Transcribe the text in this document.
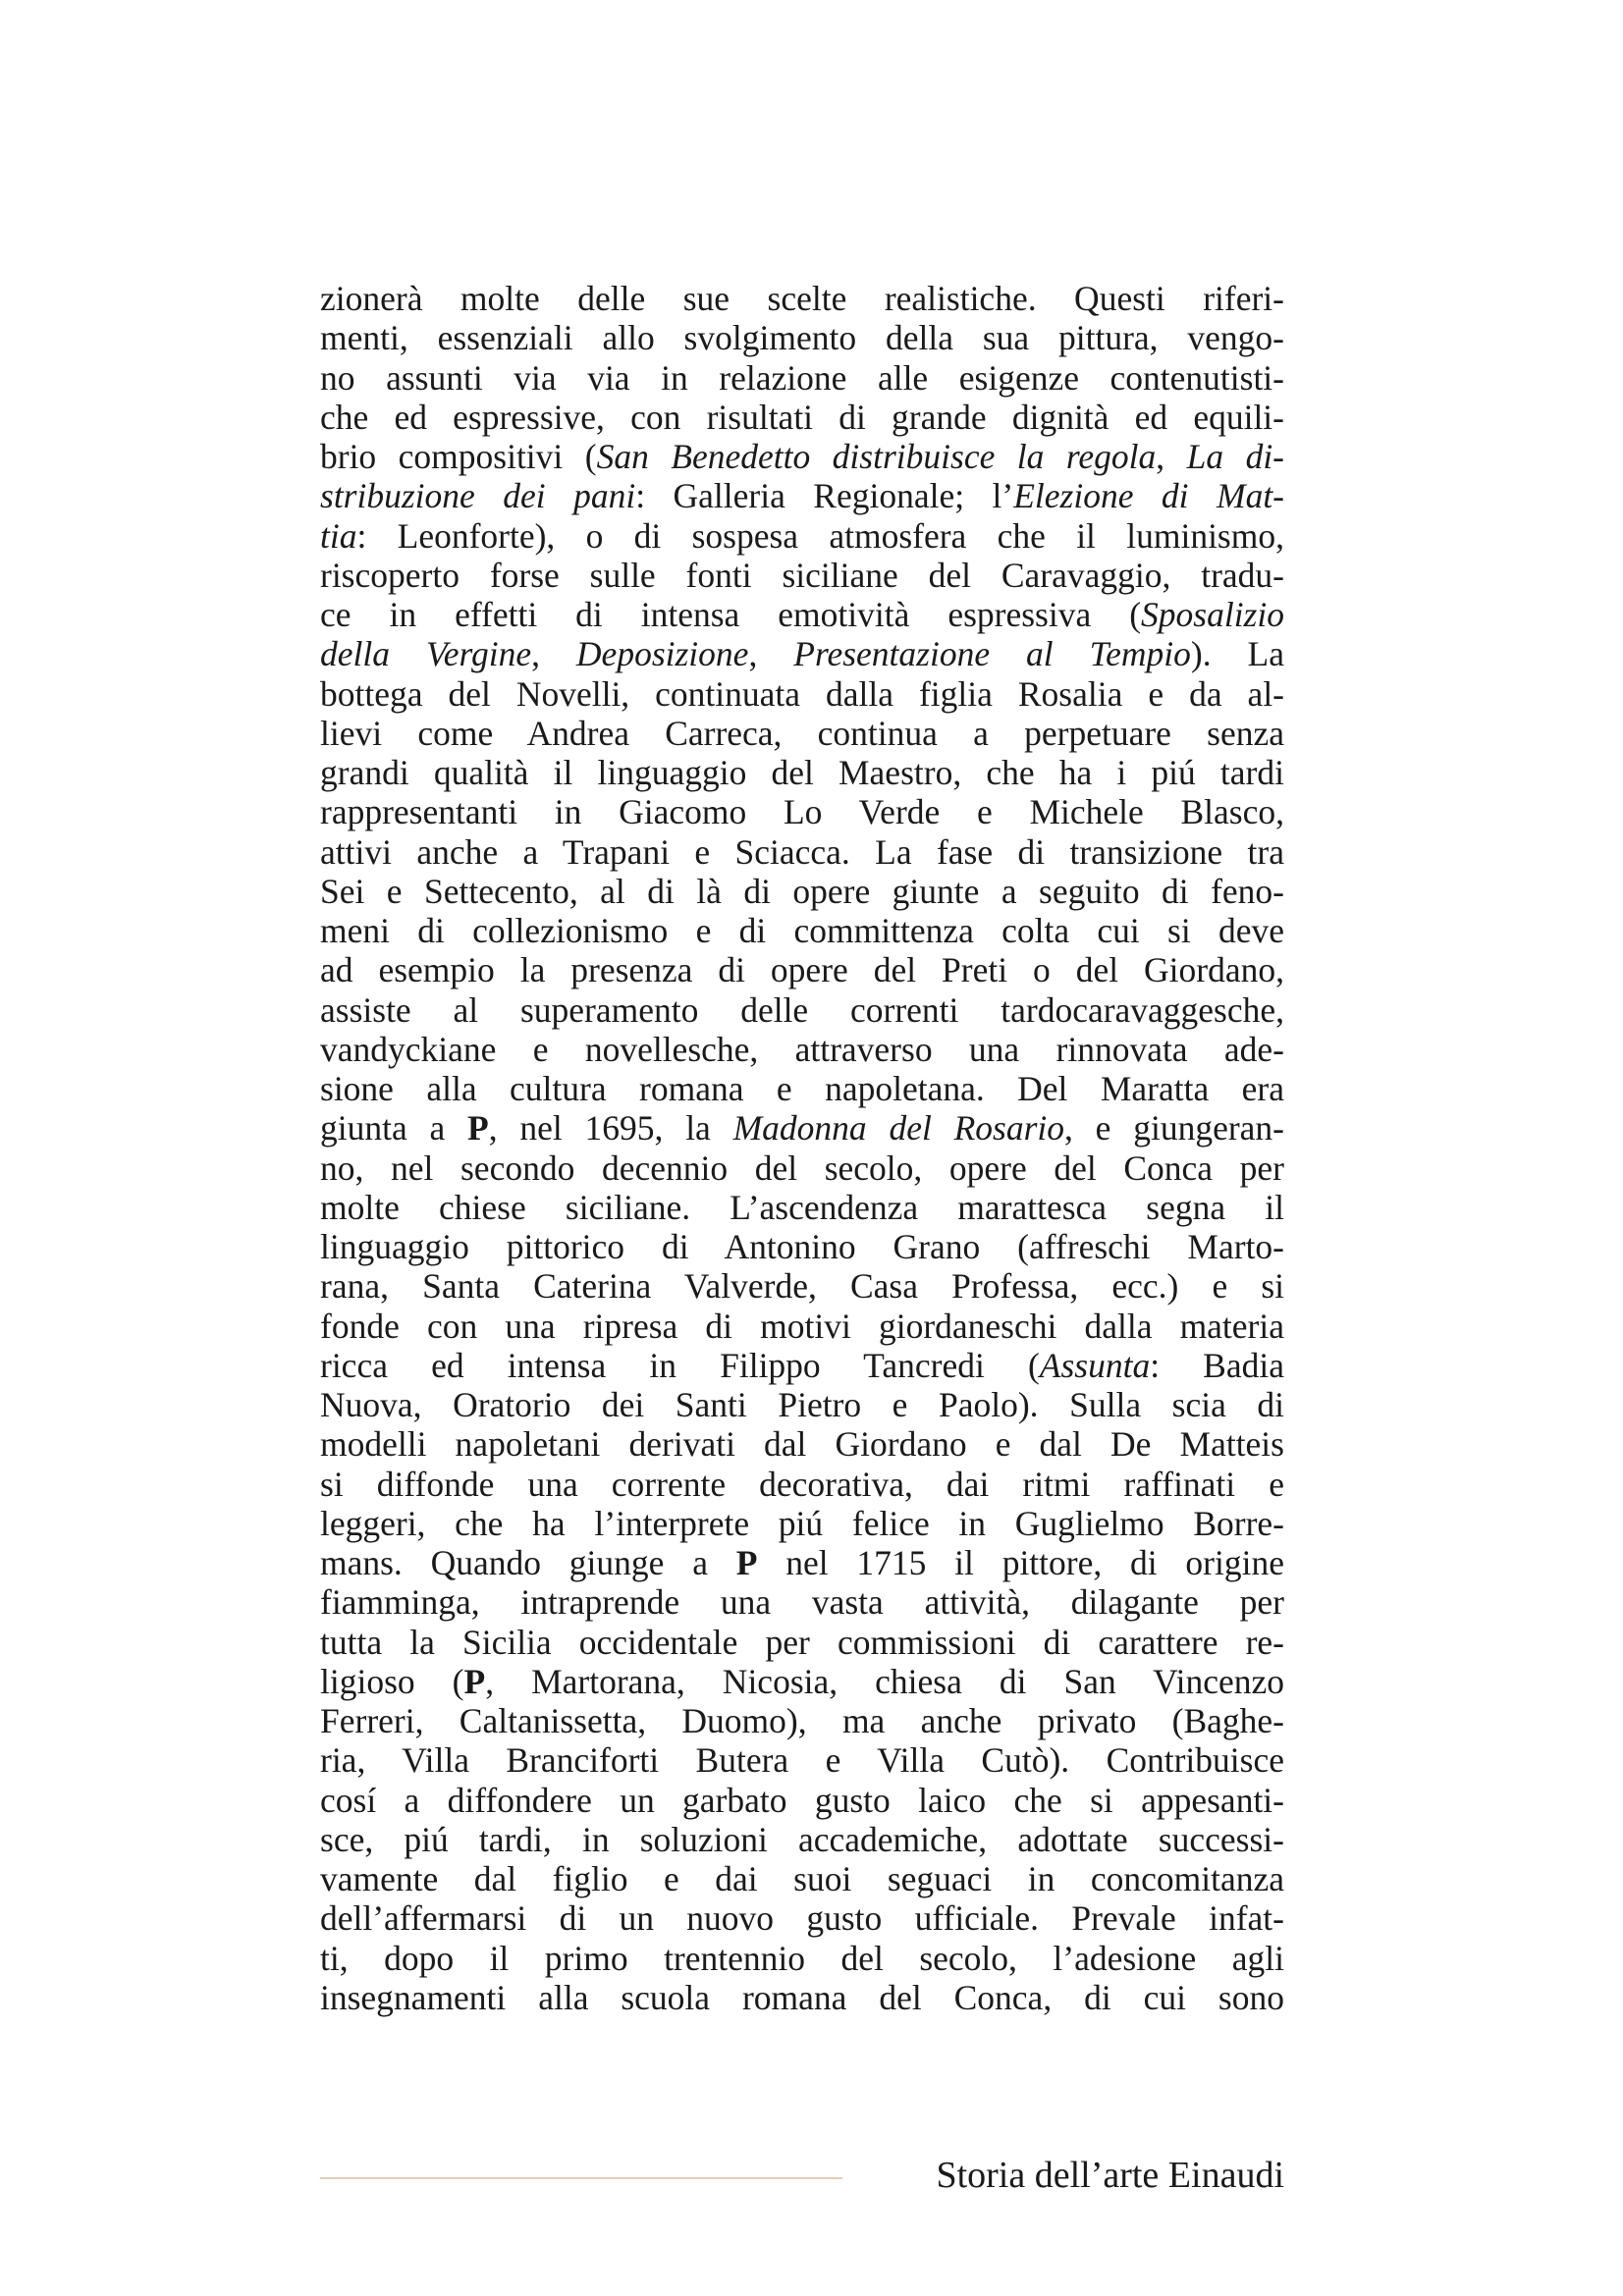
zionerà molte delle sue scelte realistiche. Questi riferi-
menti, essenziali allo svolgimento della sua pittura, vengo-
no assunti via via in relazione alle esigenze contenutisti-
che ed espressive, con risultati di grande dignità ed equili-
brio compositivi (San Benedetto distribuisce la regola, La di-
stribuzione dei pani: Galleria Regionale; l’Elezione di Mat-
tia: Leonforte), o di sospesa atmosfera che il luminismo,
riscoperto forse sulle fonti siciliane del Caravaggio, tradu-
ce in effetti di intensa emotività espressiva (Sposalizio
della Vergine, Deposizione, Presentazione al Tempio). La
bottega del Novelli, continuata dalla figlia Rosalia e da al-
lievi come Andrea Carreca, continua a perpetuare senza
grandi qualità il linguaggio del Maestro, che ha i piú tardi
rappresentanti in Giacomo Lo Verde e Michele Blasco,
attivi anche a Trapani e Sciacca. La fase di transizione tra
Sei e Settecento, al di là di opere giunte a seguito di feno-
meni di collezionismo e di committenza colta cui si deve
ad esempio la presenza di opere del Preti o del Giordano,
assiste al superamento delle correnti tardocaravaggesche,
vandyckiane e novellesche, attraverso una rinnovata ade-
sione alla cultura romana e napoletana. Del Maratta era
giunta a P, nel 1695, la Madonna del Rosario, e giungeran-
no, nel secondo decennio del secolo, opere del Conca per
molte chiese siciliane. L’ascendenza marattesca segna il
linguaggio pittorico di Antonino Grano (affreschi Marto-
rana, Santa Caterina Valverde, Casa Professa, ecc.) e si
fonde con una ripresa di motivi giordaneschi dalla materia
ricca ed intensa in Filippo Tancredi (Assunta: Badia
Nuova, Oratorio dei Santi Pietro e Paolo). Sulla scia di
modelli napoletani derivati dal Giordano e dal De Matteis
si diffonde una corrente decorativa, dai ritmi raffinati e
leggeri, che ha l’interprete piú felice in Guglielmo Borre-
mans. Quando giunge a P nel 1715 il pittore, di origine
fiamminga, intraprende una vasta attività, dilagante per
tutta la Sicilia occidentale per commissioni di carattere re-
ligioso (P, Martorana, Nicosia, chiesa di San Vincenzo
Ferreri, Caltanissetta, Duomo), ma anche privato (Baghe-
ria, Villa Branciforti Butera e Villa Cutò). Contribuisce
cosí a diffondere un garbato gusto laico che si appesanti-
sce, piú tardi, in soluzioni accademiche, adottate successi-
vamente dal figlio e dai suoi seguaci in concomitanza
dell’affermarsi di un nuovo gusto ufficiale. Prevale infat-
ti, dopo il primo trentennio del secolo, l’adesione agli
insegnamenti alla scuola romana del Conca, di cui sono
Storia dell’arte Einaudi
